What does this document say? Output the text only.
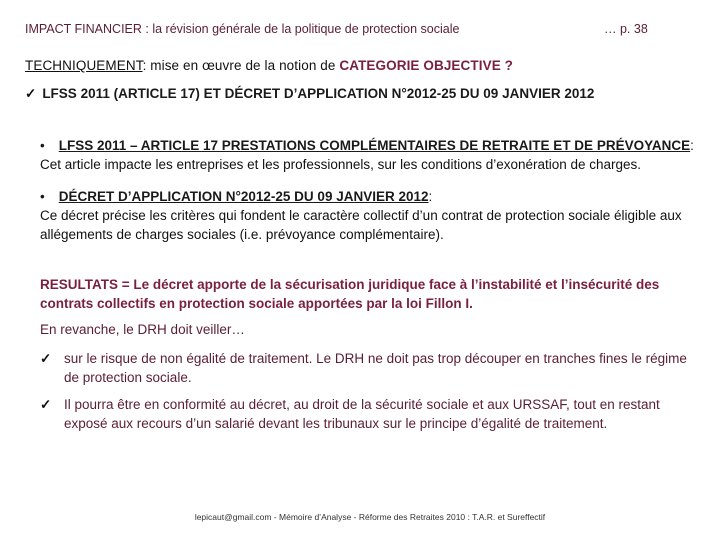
IMPACT FINANCIER : la révision générale de la politique de protection sociale	… p. 38
TECHNIQUEMENT: mise en œuvre de la notion de CATEGORIE OBJECTIVE ?
✓ LFSS 2011 (ARTICLE 17) ET DÉCRET D’APPLICATION N°2012-25 DU 09 JANVIER 2012
• LFSS 2011 – ARTICLE 17 PRESTATIONS COMPLÉMENTAIRES DE RETRAITE ET DE PRÉVOYANCE:
Cet article impacte les entreprises et les professionnels, sur les conditions d’exonération de charges.
• DÉCRET D’APPLICATION N°2012-25 DU 09 JANVIER 2012:
Ce décret précise les critères qui fondent le caractère collectif d’un contrat de protection sociale éligible aux allégements de charges sociales (i.e. prévoyance complémentaire).
RESULTATS = Le décret apporte de la sécurisation juridique face à l’instabilité et l’insécurité des contrats collectifs en protection sociale apportées par la loi Fillon I.
En revanche, le DRH doit veiller…
✓ sur le risque de non égalité de traitement. Le DRH ne doit pas trop découper en tranches fines le régime de protection sociale.
✓ Il pourra être en conformité au décret, au droit de la sécurité sociale et aux URSSAF, tout en restant exposé aux recours d’un salarié devant les tribunaux sur le principe d’égalité de traitement.
lepicaut@gmail.com - Mémoire d’Analyse - Réforme des Retraites 2010 : T.A.R. et Sureffectif
